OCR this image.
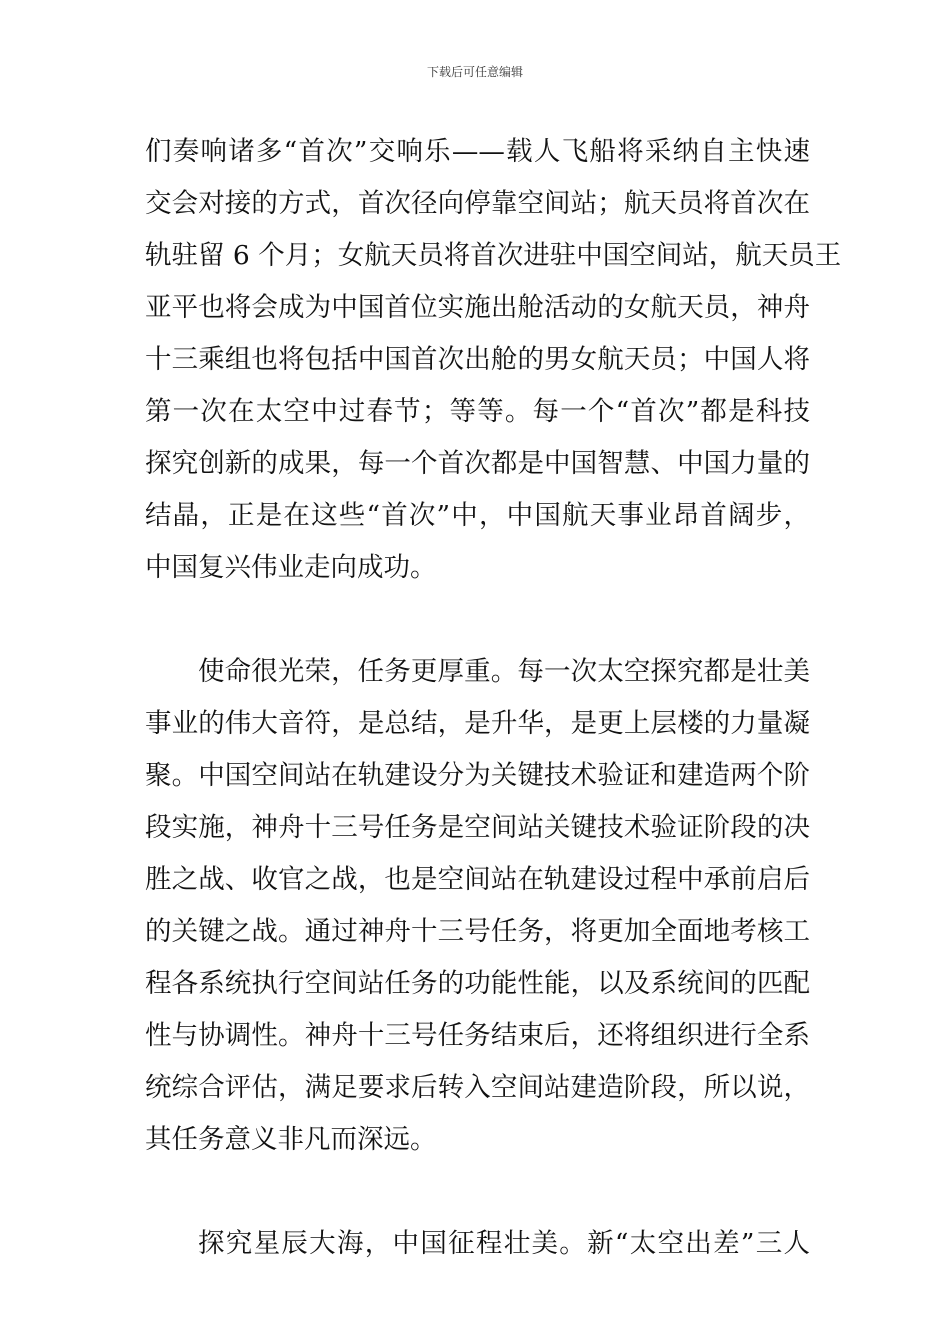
下载后可任意编辑
们奏响诸多“首次”交响乐——载人飞船将采纳自主快速
交会对接的方式，首次径向停靠空间站；航天员将首次在
轨驻留 6 个月；女航天员将首次进驻中国空间站，航天员王
亚平也将会成为中国首位实施出舱活动的女航天员，神舟
十三乘组也将包括中国首次出舱的男女航天员；中国人将
第一次在太空中过春节；等等。每一个“首次”都是科技
探究创新的成果，每一个首次都是中国智慧、中国力量的
结晶，正是在这些“首次”中，中国航天事业昂首阔步，
中国复兴伟业走向成功。
使命很光荣，任务更厚重。每一次太空探究都是壮美
事业的伟大音符，是总结，是升华，是更上层楼的力量凝
聚。中国空间站在轨建设分为关键技术验证和建造两个阶
段实施，神舟十三号任务是空间站关键技术验证阶段的决
胜之战、收官之战，也是空间站在轨建设过程中承前启后
的关键之战。通过神舟十三号任务，将更加全面地考核工
程各系统执行空间站任务的功能性能，以及系统间的匹配
性与协调性。神舟十三号任务结束后，还将组织进行全系
统综合评估，满足要求后转入空间站建造阶段，所以说，
其任务意义非凡而深远。
探究星辰大海，中国征程壮美。新“太空出差”三人
